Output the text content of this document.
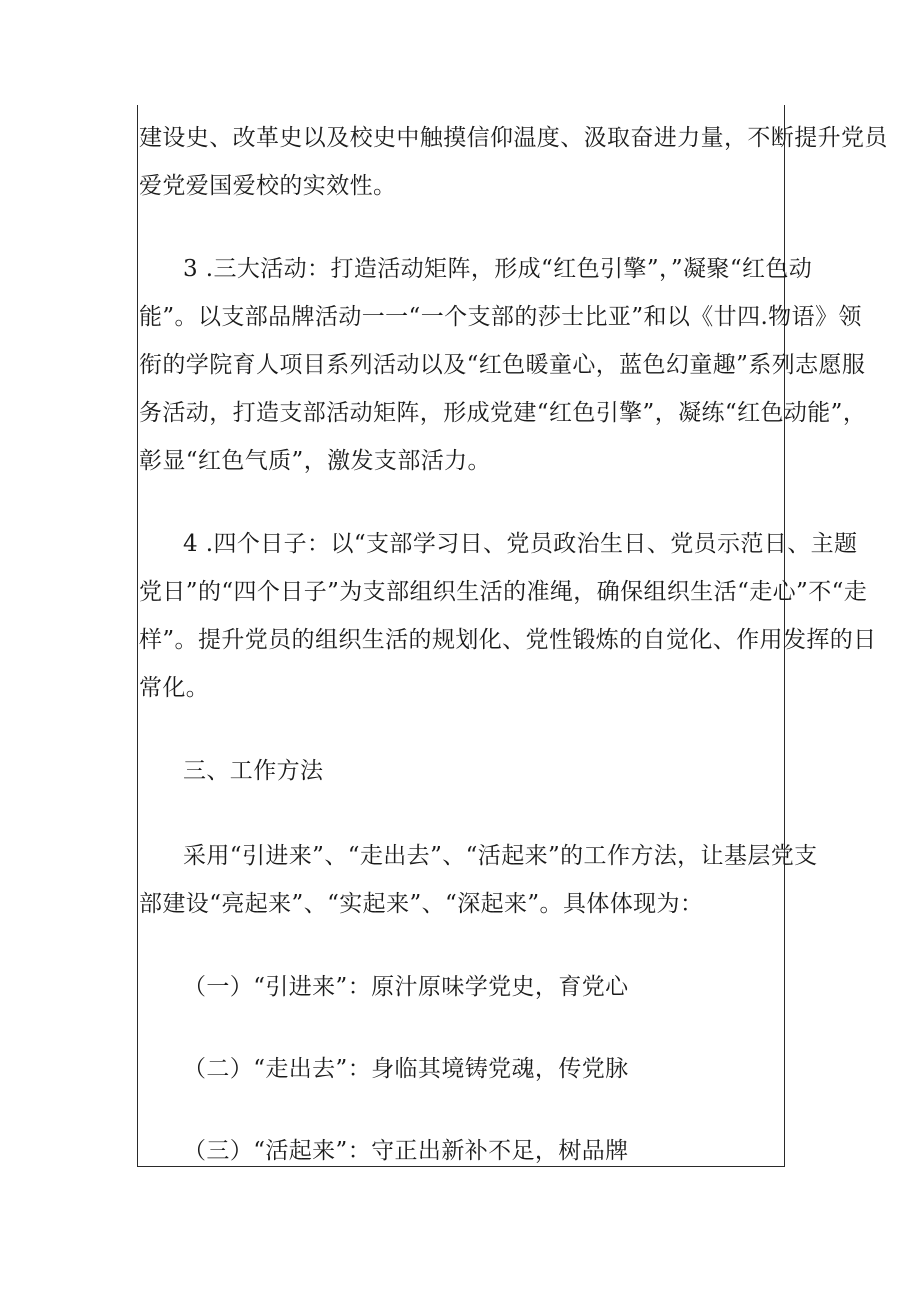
建设史、改革史以及校史中触摸信仰温度、汲取奋进力量，不断提升党员
爱党爱国爱校的实效性。
3 .三大活动：打造活动矩阵，形成“红色引擎”，”凝聚“红色动
能”。以支部品牌活动一一“一个支部的莎士比亚”和以《廿四.物语》领
衔的学院育人项目系列活动以及“红色暖童心，蓝色幻童趣”系列志愿服
务活动，打造支部活动矩阵，形成党建“红色引擎”，凝练“红色动能”，
彰显“红色气质”，激发支部活力。
4 .四个日子：以“支部学习日、党员政治生日、党员示范日、主题
党日”的“四个日子”为支部组织生活的准绳，确保组织生活“走心”不“走
样”。提升党员的组织生活的规划化、党性锻炼的自觉化、作用发挥的日
常化。
三、工作方法
采用“引进来”、“走出去”、“活起来”的工作方法，让基层党支
部建设“亮起来”、“实起来”、“深起来”。具体体现为：
（一）“引进来”：原汁原味学党史，育党心
（二）“走出去”：身临其境铸党魂，传党脉
（三）“活起来”：守正出新补不足，树品牌
